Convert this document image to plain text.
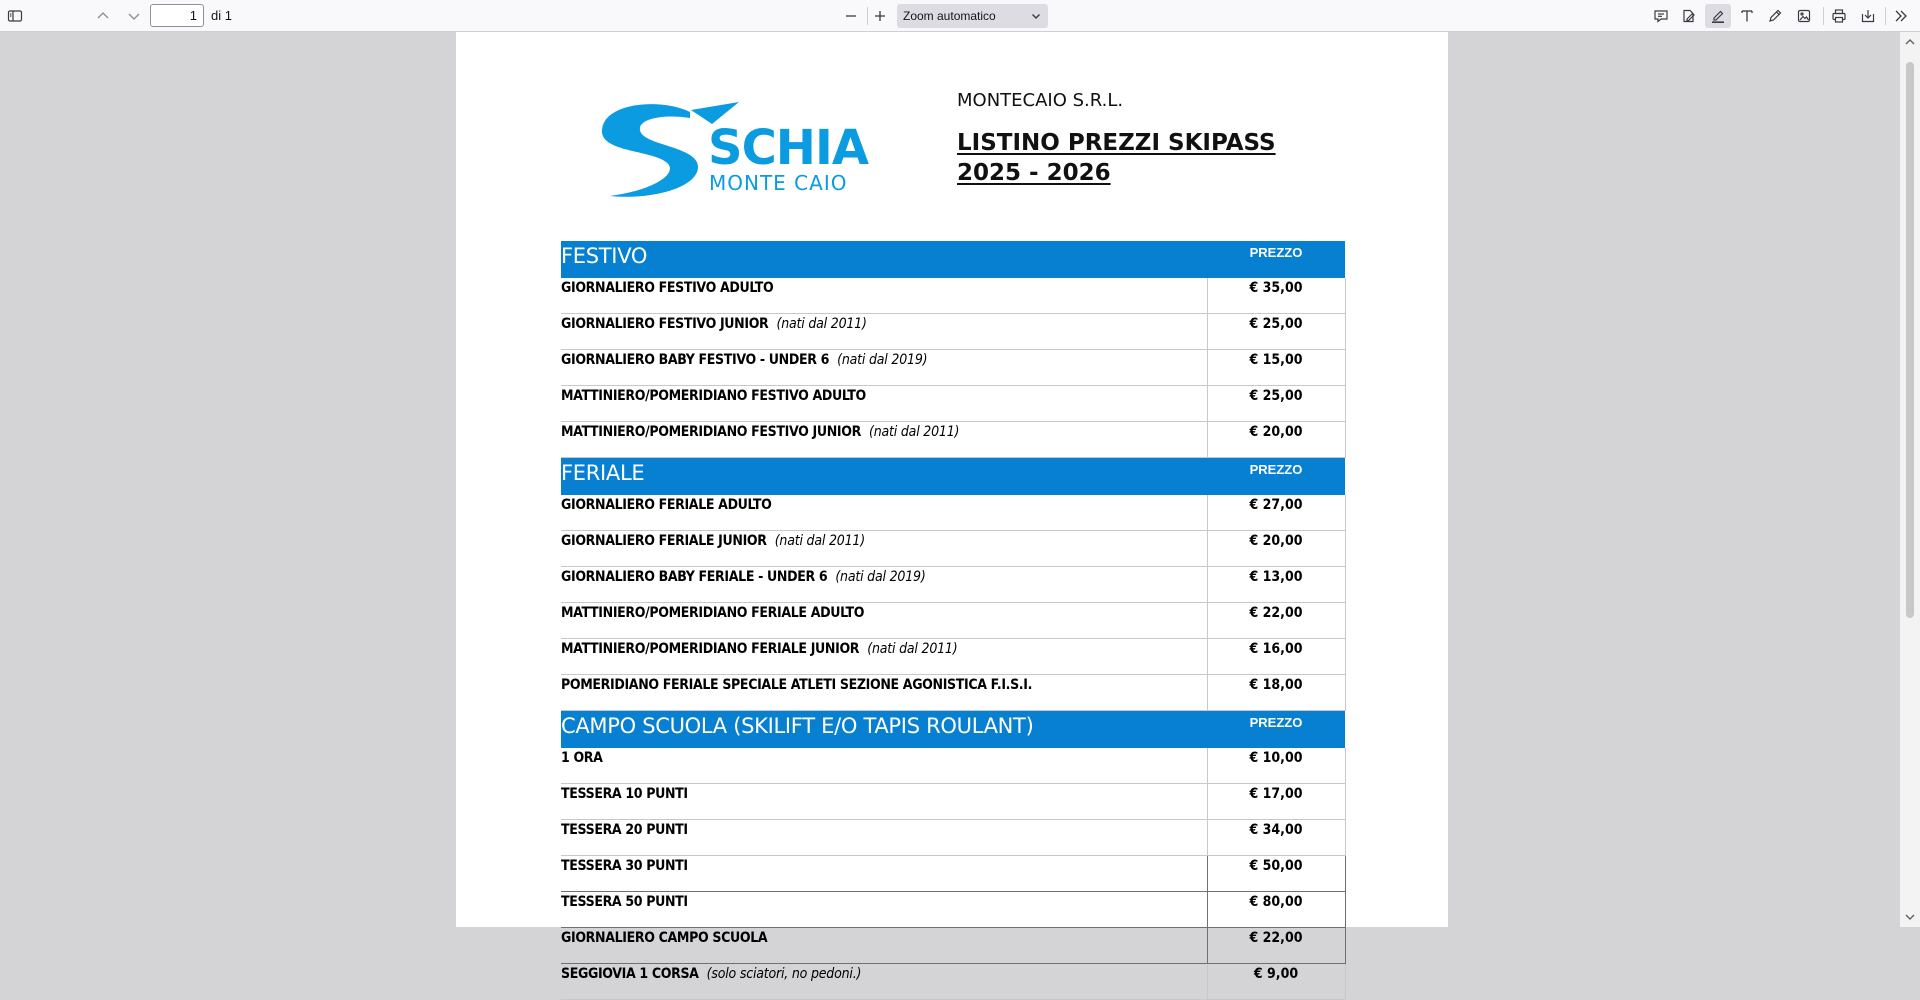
1
di 1	Zoom automatico
SCHIA
MONTE CAIO
MONTECAIO S.R.L.
LISTINO PREZZI SKIPASS
2025 - 2026
FESTIVO	PREZZO
GIORNALIERO FESTIVO ADULTO	€ 35,00
GIORNALIERO FESTIVO JUNIOR (nati dal 2011)	€ 25,00
GIORNALIERO BABY FESTIVO - UNDER 6 (nati dal 2019)	€ 15,00
MATTINIERO/POMERIDIANO FESTIVO ADULTO	€ 25,00
MATTINIERO/POMERIDIANO FESTIVO JUNIOR (nati dal 2011)	€ 20,00
FERIALE	PREZZO
GIORNALIERO FERIALE ADULTO	€ 27,00
GIORNALIERO FERIALE JUNIOR (nati dal 2011)	€ 20,00
GIORNALIERO BABY FERIALE - UNDER 6 (nati dal 2019)	€ 13,00
MATTINIERO/POMERIDIANO FERIALE ADULTO	€ 22,00
MATTINIERO/POMERIDIANO FERIALE JUNIOR (nati dal 2011)	€ 16,00
POMERIDIANO FERIALE SPECIALE ATLETI SEZIONE AGONISTICA F.I.S.I.	€ 18,00
CAMPO SCUOLA (SKILIFT E/O TAPIS ROULANT)	PREZZO
1 ORA	€ 10,00
TESSERA 10 PUNTI	€ 17,00
TESSERA 20 PUNTI	€ 34,00
TESSERA 30 PUNTI	€ 50,00
TESSERA 50 PUNTI	€ 80,00
GIORNALIERO CAMPO SCUOLA	€ 22,00
SEGGIOVIA 1 CORSA (solo sciatori, no pedoni.)	€ 9,00
